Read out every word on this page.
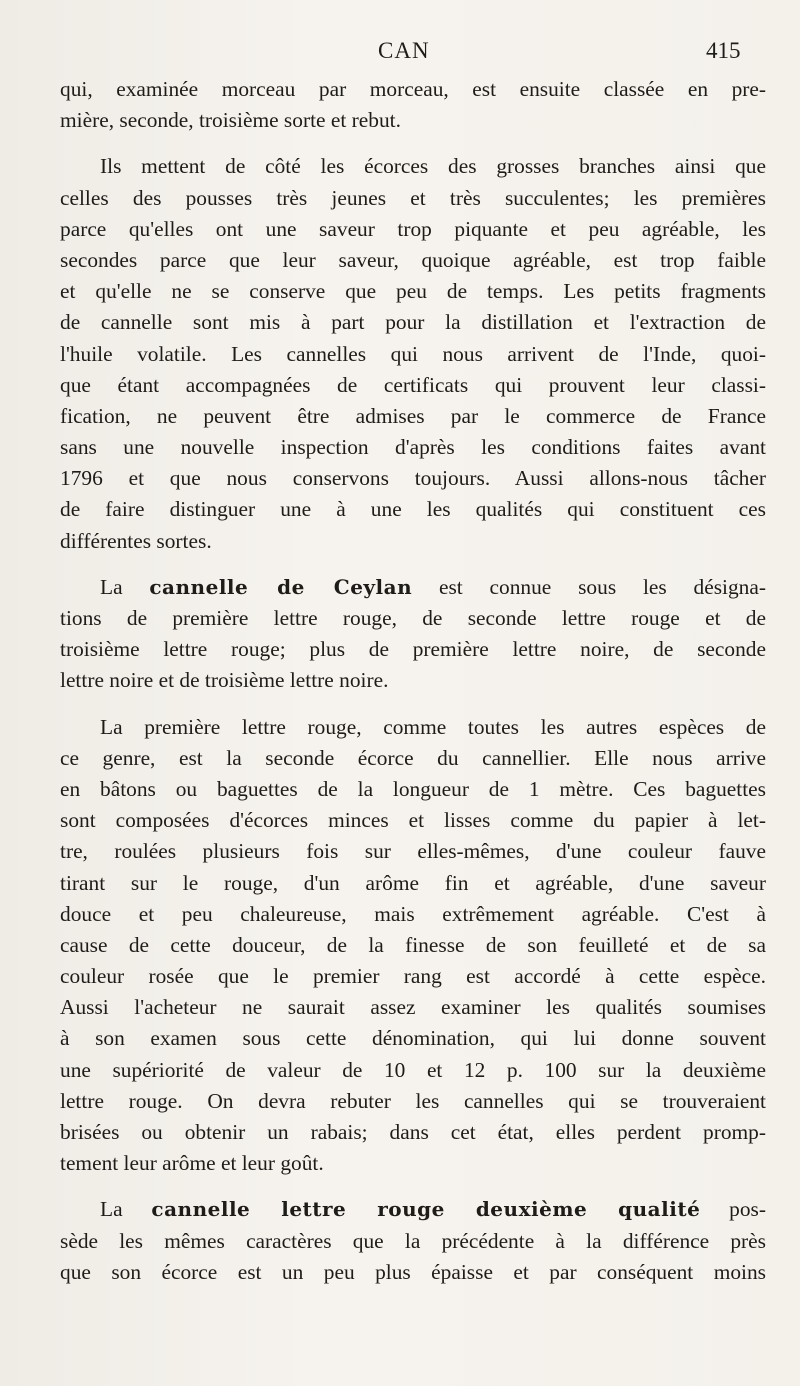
CAN	415
qui, examinée morceau par morceau, est ensuite classée en pre-
mière, seconde, troisième sorte et rebut.
Ils mettent de côté les écorces des grosses branches ainsi que
celles des pousses très jeunes et très succulentes; les premières
parce qu'elles ont une saveur trop piquante et peu agréable, les
secondes parce que leur saveur, quoique agréable, est trop faible
et qu'elle ne se conserve que peu de temps. Les petits fragments
de cannelle sont mis à part pour la distillation et l'extraction de
l'huile volatile. Les cannelles qui nous arrivent de l'Inde, quoi-
que étant accompagnées de certificats qui prouvent leur classi-
fication, ne peuvent être admises par le commerce de France
sans une nouvelle inspection d'après les conditions faites avant
1796 et que nous conservons toujours. Aussi allons-nous tâcher
de faire distinguer une à une les qualités qui constituent ces
différentes sortes.
La cannelle de Ceylan est connue sous les désigna-
tions de première lettre rouge, de seconde lettre rouge et de
troisième lettre rouge; plus de première lettre noire, de seconde
lettre noire et de troisième lettre noire.
La première lettre rouge, comme toutes les autres espèces de
ce genre, est la seconde écorce du cannellier. Elle nous arrive
en bâtons ou baguettes de la longueur de 1 mètre. Ces baguettes
sont composées d'écorces minces et lisses comme du papier à let-
tre, roulées plusieurs fois sur elles-mêmes, d'une couleur fauve
tirant sur le rouge, d'un arôme fin et agréable, d'une saveur
douce et peu chaleureuse, mais extrêmement agréable. C'est à
cause de cette douceur, de la finesse de son feuilleté et de sa
couleur rosée que le premier rang est accordé à cette espèce.
Aussi l'acheteur ne saurait assez examiner les qualités soumises
à son examen sous cette dénomination, qui lui donne souvent
une supériorité de valeur de 10 et 12 p. 100 sur la deuxième
lettre rouge. On devra rebuter les cannelles qui se trouveraient
brisées ou obtenir un rabais; dans cet état, elles perdent promp-
tement leur arôme et leur goût.
La cannelle lettre rouge deuxième qualité pos-
sède les mêmes caractères que la précédente à la différence près
que son écorce est un peu plus épaisse et par conséquent moins
